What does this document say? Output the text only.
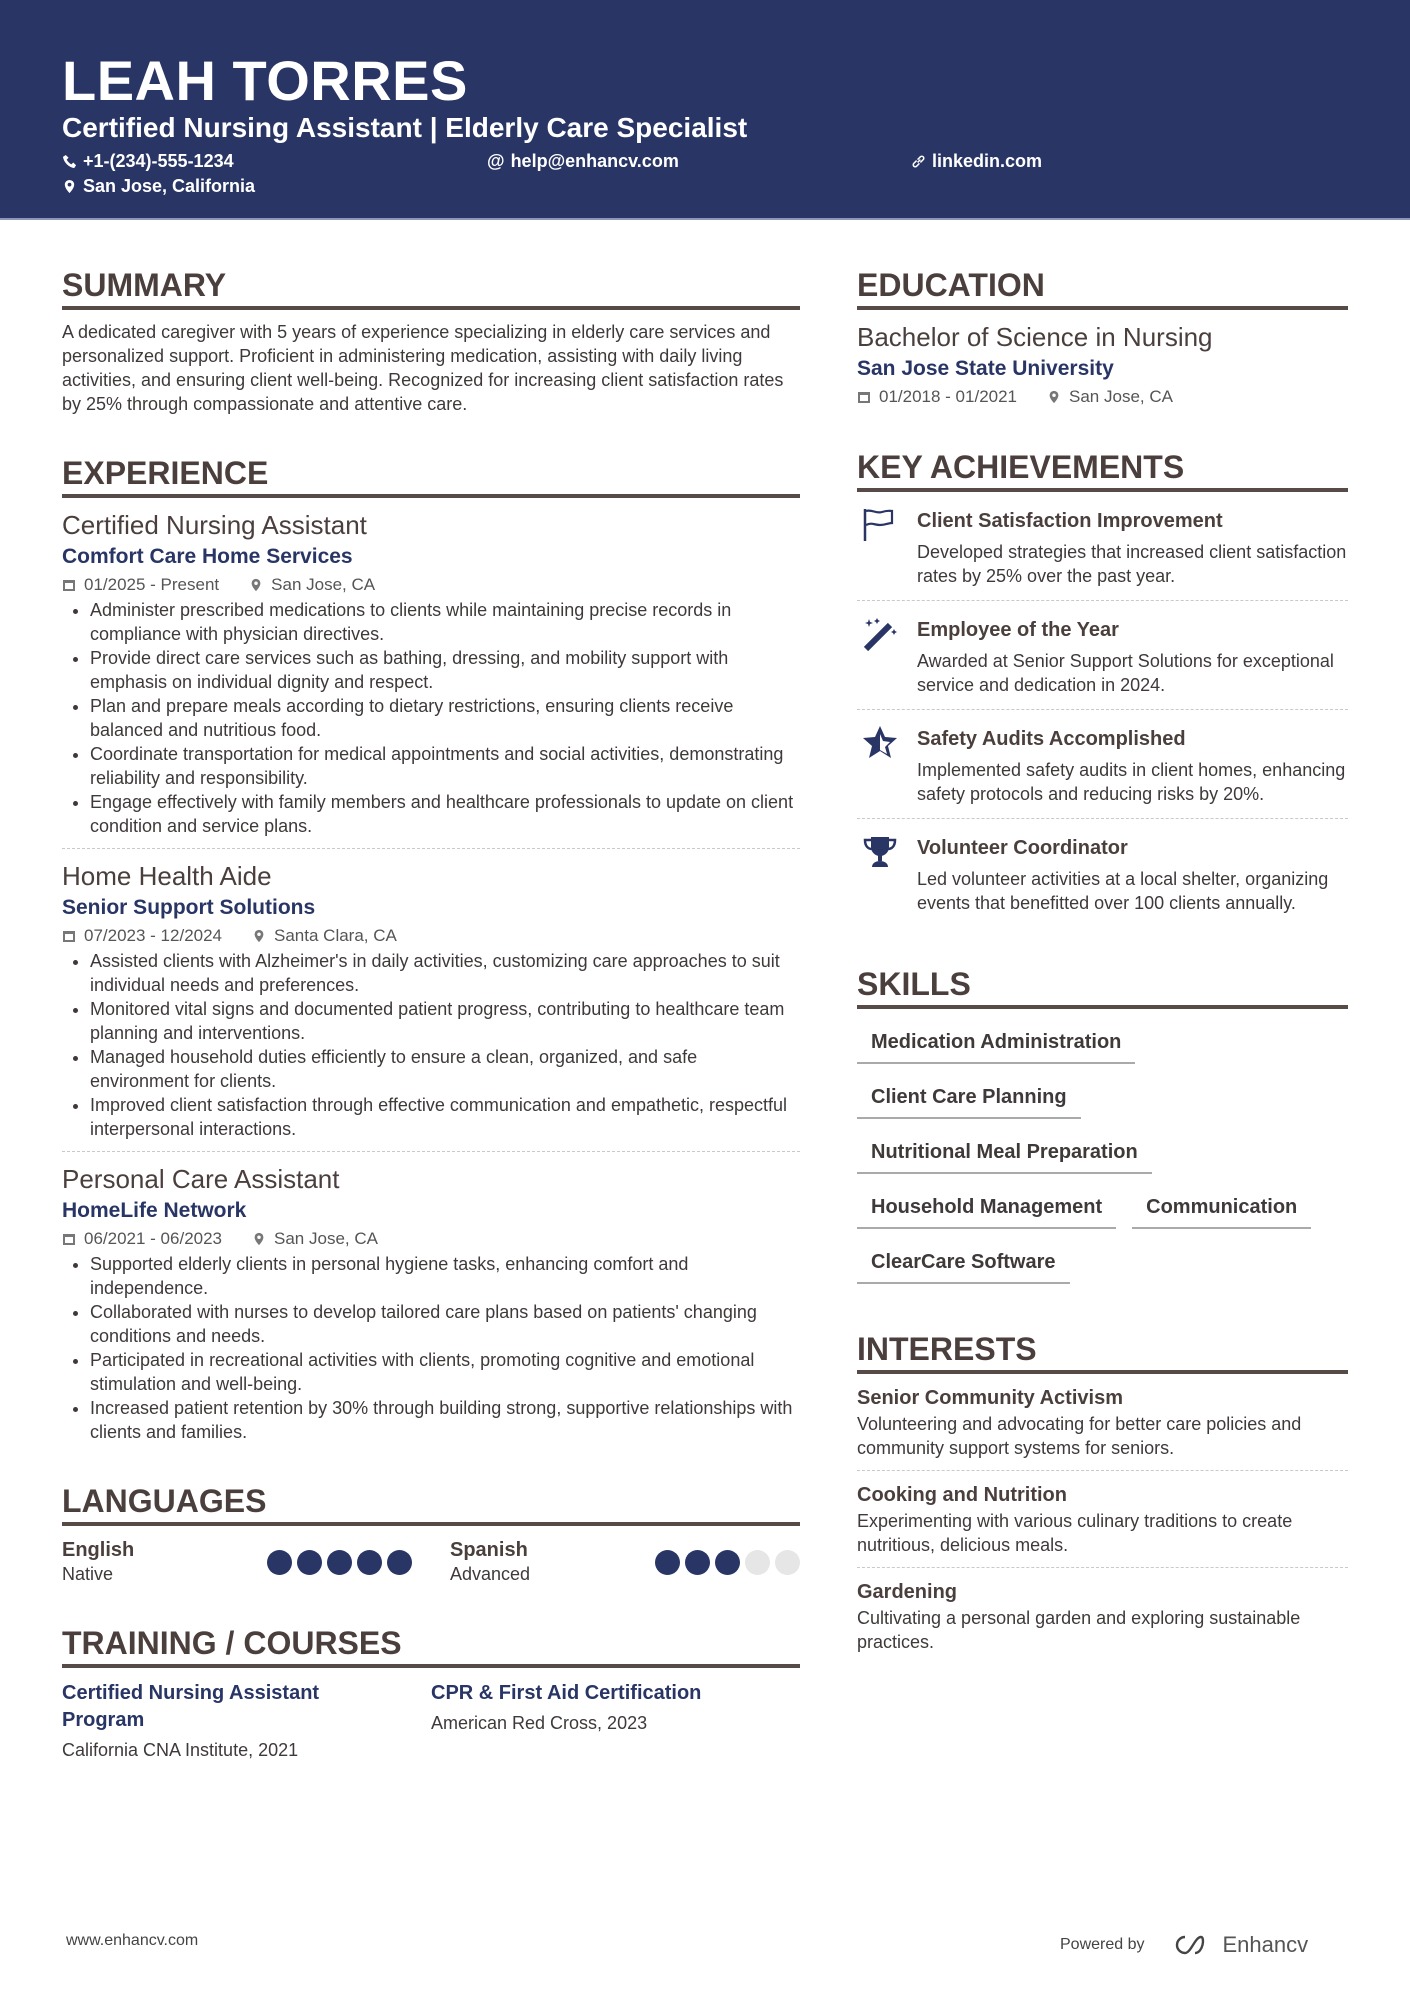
LEAH TORRES
Certified Nursing Assistant | Elderly Care Specialist
+1-(234)-555-1234	@ help@enhancv.com	linkedin.com
San Jose, California
SUMMARY

A dedicated caregiver with 5 years of experience specializing in elderly care services and personalized support. Proficient in administering medication, assisting with daily living activities, and ensuring client well-being. Recognized for increasing client satisfaction rates by 25% through compassionate and attentive care.

EXPERIENCE
Certified Nursing Assistant
Comfort Care Home Services
01/2025 - Present	San Jose, CA
• Administer prescribed medications to clients while maintaining precise records in compliance with physician directives.
• Provide direct care services such as bathing, dressing, and mobility support with emphasis on individual dignity and respect.
• Plan and prepare meals according to dietary restrictions, ensuring clients receive balanced and nutritious food.
• Coordinate transportation for medical appointments and social activities, demonstrating reliability and responsibility.
• Engage effectively with family members and healthcare professionals to update on client condition and service plans.
Home Health Aide
Senior Support Solutions
07/2023 - 12/2024	Santa Clara, CA
• Assisted clients with Alzheimer's in daily activities, customizing care approaches to suit individual needs and preferences.
• Monitored vital signs and documented patient progress, contributing to healthcare team planning and interventions.
• Managed household duties efficiently to ensure a clean, organized, and safe environment for clients.
• Improved client satisfaction through effective communication and empathetic, respectful interpersonal interactions.
Personal Care Assistant
HomeLife Network
06/2021 - 06/2023	San Jose, CA
• Supported elderly clients in personal hygiene tasks, enhancing comfort and independence.
• Collaborated with nurses to develop tailored care plans based on patients' changing conditions and needs.
• Participated in recreational activities with clients, promoting cognitive and emotional stimulation and well-being.
• Increased patient retention by 30% through building strong, supportive relationships with clients and families.
LANGUAGES
English
Native
Spanish
Advanced
TRAINING / COURSES
Certified Nursing Assistant Program
California CNA Institute, 2021
CPR & First Aid Certification
American Red Cross, 2023
EDUCATION
Bachelor of Science in Nursing
San Jose State University
01/2018 - 01/2021	San Jose, CA
KEY ACHIEVEMENTS
Client Satisfaction Improvement
Developed strategies that increased client satisfaction rates by 25% over the past year.
Employee of the Year
Awarded at Senior Support Solutions for exceptional service and dedication in 2024.
Safety Audits Accomplished
Implemented safety audits in client homes, enhancing safety protocols and reducing risks by 20%.
Volunteer Coordinator
Led volunteer activities at a local shelter, organizing events that benefitted over 100 clients annually.
SKILLS
Medication Administration
Client Care Planning
Nutritional Meal Preparation
Household Management	Communication
ClearCare Software
INTERESTS
Senior Community Activism
Volunteering and advocating for better care policies and community support systems for seniors.
Cooking and Nutrition
Experimenting with various culinary traditions to create nutritious, delicious meals.
Gardening
Cultivating a personal garden and exploring sustainable practices.
www.enhancv.com	Powered by	Enhancv
